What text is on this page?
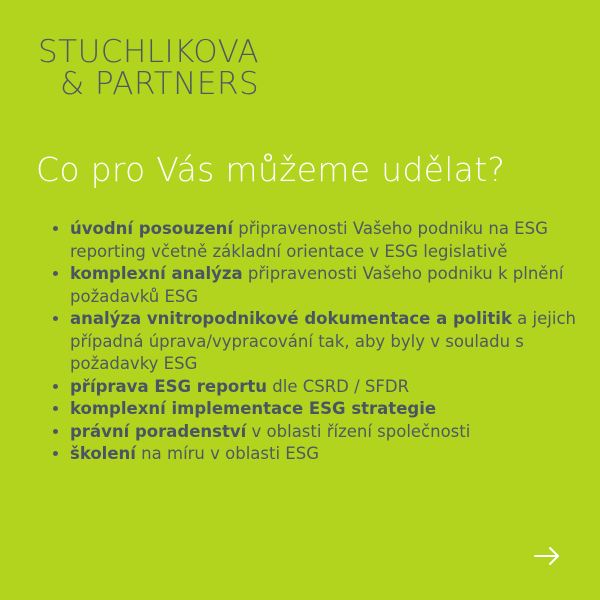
STUCHLIKOVA
& PARTNERS
Co pro Vás můžeme udělat?
• úvodní posouzení připravenosti Vašeho podniku na ESG reporting včetně základní orientace v ESG legislativě
• komplexní analýza připravenosti Vašeho podniku k plnění požadavků ESG
• analýza vnitropodnikové dokumentace a politik a jejich případná úprava/vypracování tak, aby byly v souladu s požadavky ESG
• příprava ESG reportu dle CSRD / SFDR
• komplexní implementace ESG strategie
• právní poradenství v oblasti řízení společnosti
• školení na míru v oblasti ESG
